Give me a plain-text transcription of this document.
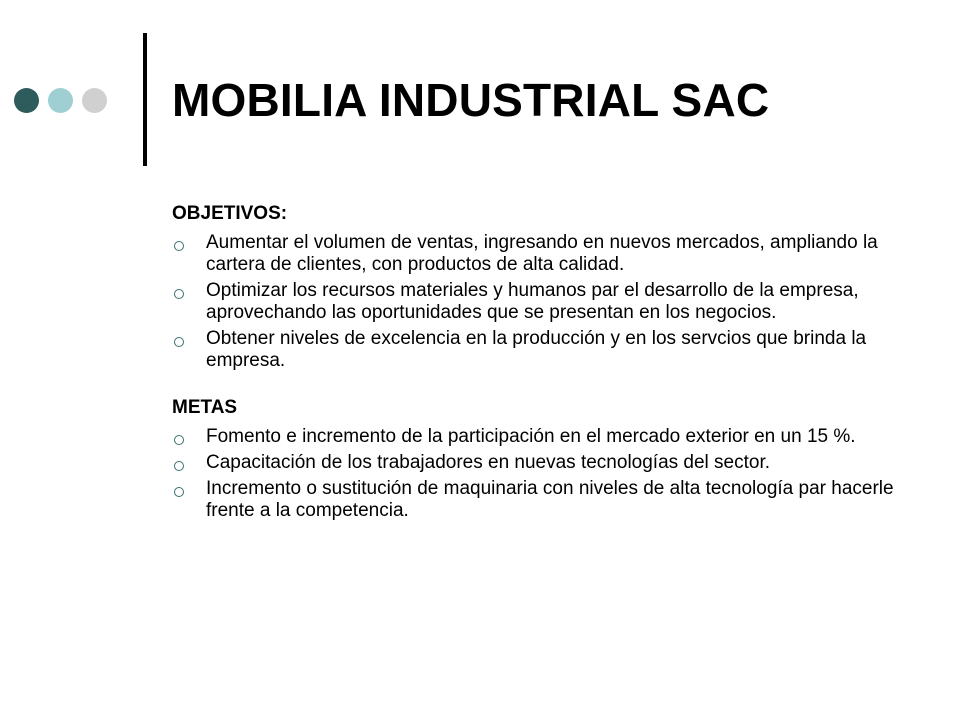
MOBILIA INDUSTRIAL SAC

OBJETIVOS:

Aumentar el volumen de ventas, ingresando en nuevos mercados, ampliando la cartera de clientes, con productos de alta calidad.
Optimizar los recursos materiales y humanos par el desarrollo de la empresa, aprovechando las oportunidades que se presentan en los negocios.
Obtener niveles de excelencia en la producción y en los servcios que brinda la empresa.

METAS

Fomento e incremento de la participación en el mercado exterior en un 15 %.
Capacitación de los trabajadores en nuevas tecnologías del sector.
Incremento o sustitución de maquinaria con niveles de alta tecnología par hacerle frente a la competencia.
